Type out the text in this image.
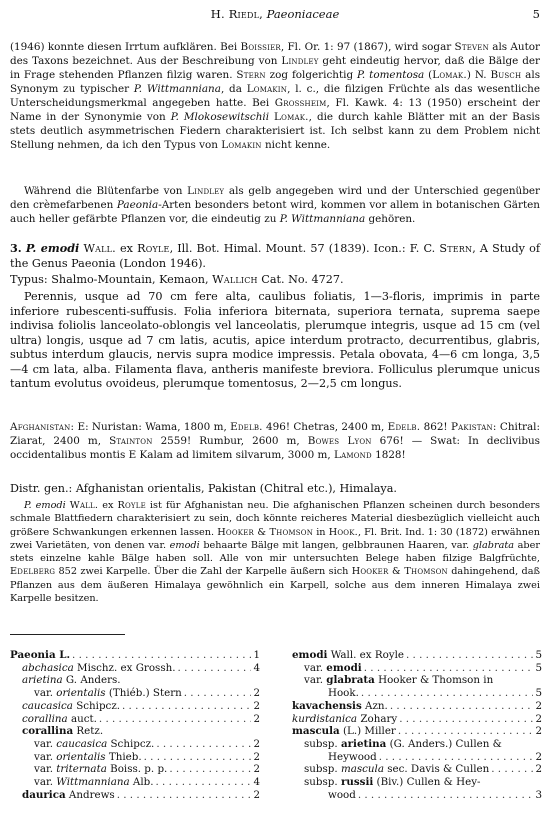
H. Riedl, Paeoniaceae	5
(1946) konnte diesen Irrtum aufklären. Bei Boissier, Fl. Or. 1: 97 (1867), wird sogar Steven als Autor des Taxons bezeichnet. Aus der Beschreibung von Lindley geht eindeutig hervor, daß die Bälge der in Frage stehenden Pflanzen filzig waren. Stern zog folgerichtig P. tomentosa (Lomak.) N. Busch als Synonym zu typischer P. Wittmanniana, da Lomakin, l. c., die filzigen Früchte als das wesentliche Unterscheidungsmerkmal angegeben hatte. Bei Grossheim, Fl. Kawk. 4: 13 (1950) erscheint der Name in der Synonymie von P. Mlokosewitschii Lomak., die durch kahle Blätter mit an der Basis stets deutlich asymmetrischen Fiedern charakterisiert ist. Ich selbst kann zu dem Problem nicht Stellung nehmen, da ich den Typus von Lomakin nicht kenne.
Während die Blütenfarbe von Lindley als gelb angegeben wird und der Unterschied gegenüber den crèmefarbenen Paeonia-Arten besonders betont wird, kommen vor allem in botanischen Gärten auch heller gefärbte Pflanzen vor, die eindeutig zu P. Wittmanniana gehören.
3. P. emodi Wall. ex Royle, Ill. Bot. Himal. Mount. 57 (1839). Icon.: F. C. Stern, A Study of the Genus Paeonia (London 1946).
Typus: Shalmo-Mountain, Kemaon, Wallich Cat. No. 4727.
Perennis, usque ad 70 cm fere alta, caulibus foliatis, 1—3-floris, imprimis in parte inferiore rubescenti-suffusis. Folia inferiora biternata, superiora ternata, suprema saepe indivisa foliolis lanceolato-oblongis vel lanceolatis, plerumque integris, usque ad 15 cm (vel ultra) longis, usque ad 7 cm latis, acutis, apice interdum protracto, decurrentibus, glabris, subtus interdum glaucis, nervis supra modice impressis. Petala obovata, 4—6 cm longa, 3,5—4 cm lata, alba. Filamenta flava, antheris manifeste breviora. Folliculus plerumque unicus tantum evolutus ovoideus, plerumque tomentosus, 2—2,5 cm longus.
Afghanistan: E: Nuristan: Wama, 1800 m, Edelb. 496! Chetras, 2400 m, Edelb. 862! Pakistan: Chitral: Ziarat, 2400 m, Stainton 2559! Rumbur, 2600 m, Bowes Lyon 676! — Swat: In declivibus occidentalibus montis E Kalam ad limitem silvarum, 3000 m, Lamond 1828!
Distr. gen.: Afghanistan orientalis, Pakistan (Chitral etc.), Himalaya.
P. emodi Wall. ex Royle ist für Afghanistan neu. Die afghanischen Pflanzen scheinen durch besonders schmale Blattfiedern charakterisiert zu sein, doch könnte reicheres Material diesbezüglich vielleicht auch größere Schwankungen erkennen lassen. Hooker & Thomson in Hook., Fl. Brit. Ind. 1: 30 (1872) erwähnen zwei Varietäten, von denen var. emodi behaarte Bälge mit langen, gelbbraunen Haaren, var. glabrata aber stets einzelne kahle Bälge haben soll. Alle von mir untersuchten Belege haben filzige Balgfrüchte, Edelberg 852 zwei Karpelle. Über die Zahl der Karpelle äußern sich Hooker & Thomson dahingehend, daß Pflanzen aus dem äußeren Himalaya gewöhnlich ein Karpell, solche aus dem inneren Himalaya zwei Karpelle besitzen.
Paeonia L. . . .	1
abchasica Mischz. ex Grossh. . . .	4
arietina G. Anders.
var. orientalis (Thiéb.) Stern . . .	2
caucasica Schipcz. . . .	2
corallina auct. . . .	2
corallina Retz.
var. caucasica Schipcz. . . .	2
var. orientalis Thieb. . . .	2
var. triternata Boiss. p. p. . . .	2
var. Wittmanniana Alb. . . .	4
daurica Andrews . . .	2
emodi Wall. ex Royle . . .	5
var. emodi . . .	5
var. glabrata Hooker & Thomson in
Hook. . . .	5
kavachensis Azn. . . .	2
kurdistanica Zohary . . .	2
mascula (L.) Miller . . .	2
subsp. arietina (G. Anders.) Cullen &
Heywood . . .	2
subsp. mascula sec. Davis & Cullen . . .	2
subsp. russii (Biv.) Cullen & Hey-
wood . . .	3
